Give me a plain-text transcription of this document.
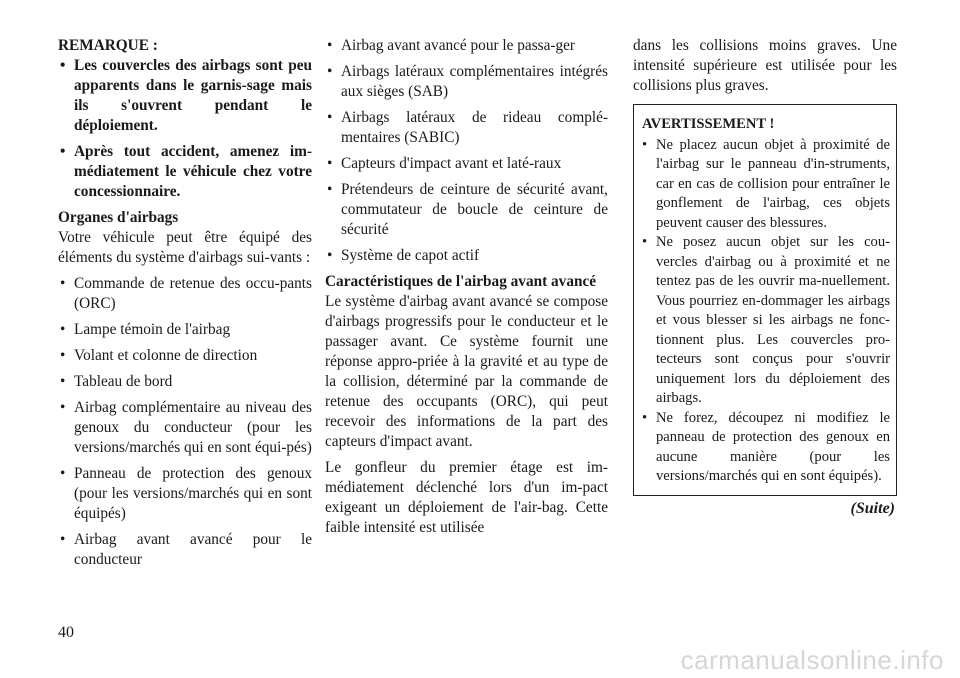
REMARQUE :
• Les couvercles des airbags sont peu apparents dans le garnis-sage mais ils s'ouvrent pendant le déploiement.
• Après tout accident, amenez im-médiatement le véhicule chez votre concessionnaire.
Organes d'airbags
Votre véhicule peut être équipé des éléments du système d'airbags sui-vants :
• Commande de retenue des occu-pants (ORC)
• Lampe témoin de l'airbag
• Volant et colonne de direction
• Tableau de bord
• Airbag complémentaire au niveau des genoux du conducteur (pour les versions/marchés qui en sont équi-pés)
• Panneau de protection des genoux (pour les versions/marchés qui en sont équipés)
• Airbag avant avancé pour le conducteur
• Airbag avant avancé pour le passa-ger
• Airbags latéraux complémentaires intégrés aux sièges (SAB)
• Airbags latéraux de rideau complé-mentaires (SABIC)
• Capteurs d'impact avant et laté-raux
• Prétendeurs de ceinture de sécurité avant, commutateur de boucle de ceinture de sécurité
• Système de capot actif
Caractéristiques de l'airbag avant avancé
Le système d'airbag avant avancé se compose d'airbags progressifs pour le conducteur et le passager avant. Ce système fournit une réponse appro-priée à la gravité et au type de la collision, déterminé par la commande de retenue des occupants (ORC), qui peut recevoir des informations de la part des capteurs d'impact avant.
Le gonfleur du premier étage est im-médiatement déclenché lors d'un im-pact exigeant un déploiement de l'air-bag. Cette faible intensité est utilisée
dans les collisions moins graves. Une intensité supérieure est utilisée pour les collisions plus graves.
AVERTISSEMENT !
• Ne placez aucun objet à proximité de l'airbag sur le panneau d'in-struments, car en cas de collision pour entraîner le gonflement de l'airbag, ces objets peuvent causer des blessures.
• Ne posez aucun objet sur les cou-vercles d'airbag ou à proximité et ne tentez pas de les ouvrir ma-nuellement. Vous pourriez en-dommager les airbags et vous blesser si les airbags ne fonc-tionnent plus. Les couvercles pro-tecteurs sont conçus pour s'ouvrir uniquement lors du déploiement des airbags.
• Ne forez, découpez ni modifiez le panneau de protection des genoux en aucune manière (pour les versions/marchés qui en sont équipés).
(Suite)
40
carmanualsonline.info
